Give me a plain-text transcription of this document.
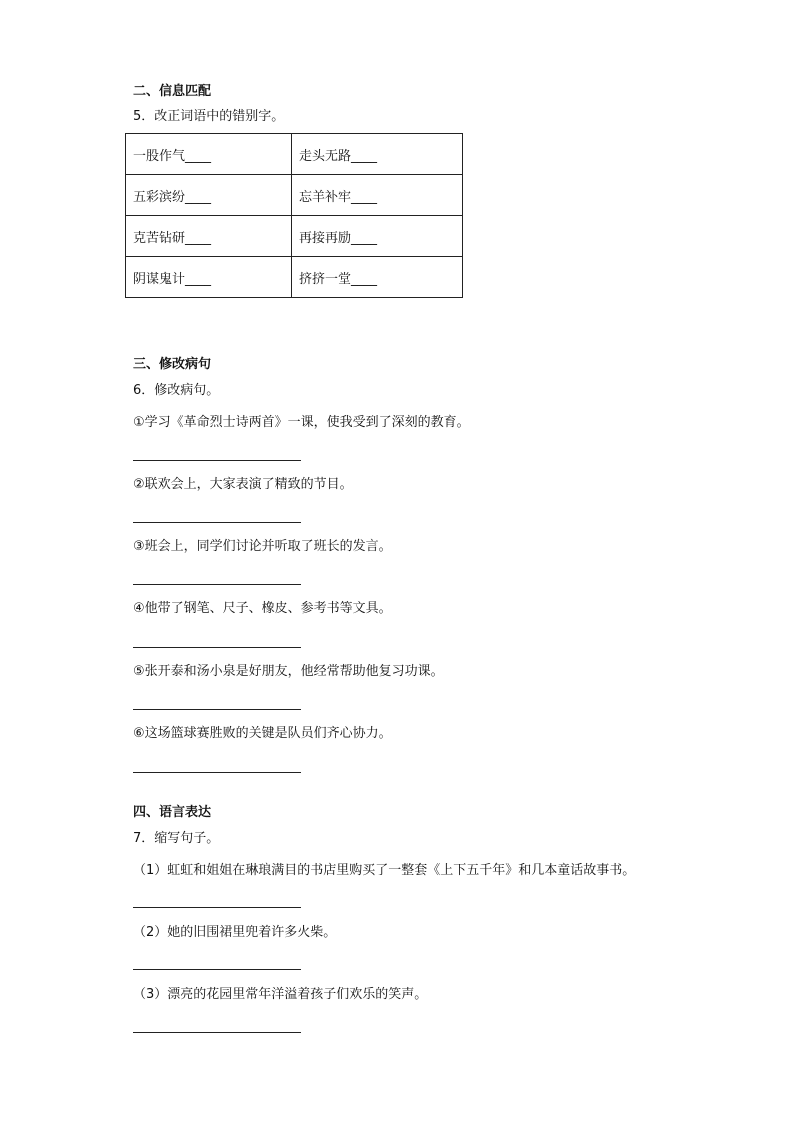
二、信息匹配
5．改正词语中的错别字。
一股作气____	走头无路____
五彩滨纷____	忘羊补牢____
克苦钻研____	再接再励____
阴谋鬼计____	挤挤一堂____
三、修改病句
6．修改病句。
①学习《革命烈士诗两首》一课，使我受到了深刻的教育。
②联欢会上，大家表演了精致的节目。
③班会上，同学们讨论并听取了班长的发言。
④他带了钢笔、尺子、橡皮、参考书等文具。
⑤张开泰和汤小泉是好朋友，他经常帮助他复习功课。
⑥这场篮球赛胜败的关键是队员们齐心协力。
四、语言表达
7．缩写句子。
（1）虹虹和姐姐在琳琅满目的书店里购买了一整套《上下五千年》和几本童话故事书。
（2）她的旧围裙里兜着许多火柴。
（3）漂亮的花园里常年洋溢着孩子们欢乐的笑声。
